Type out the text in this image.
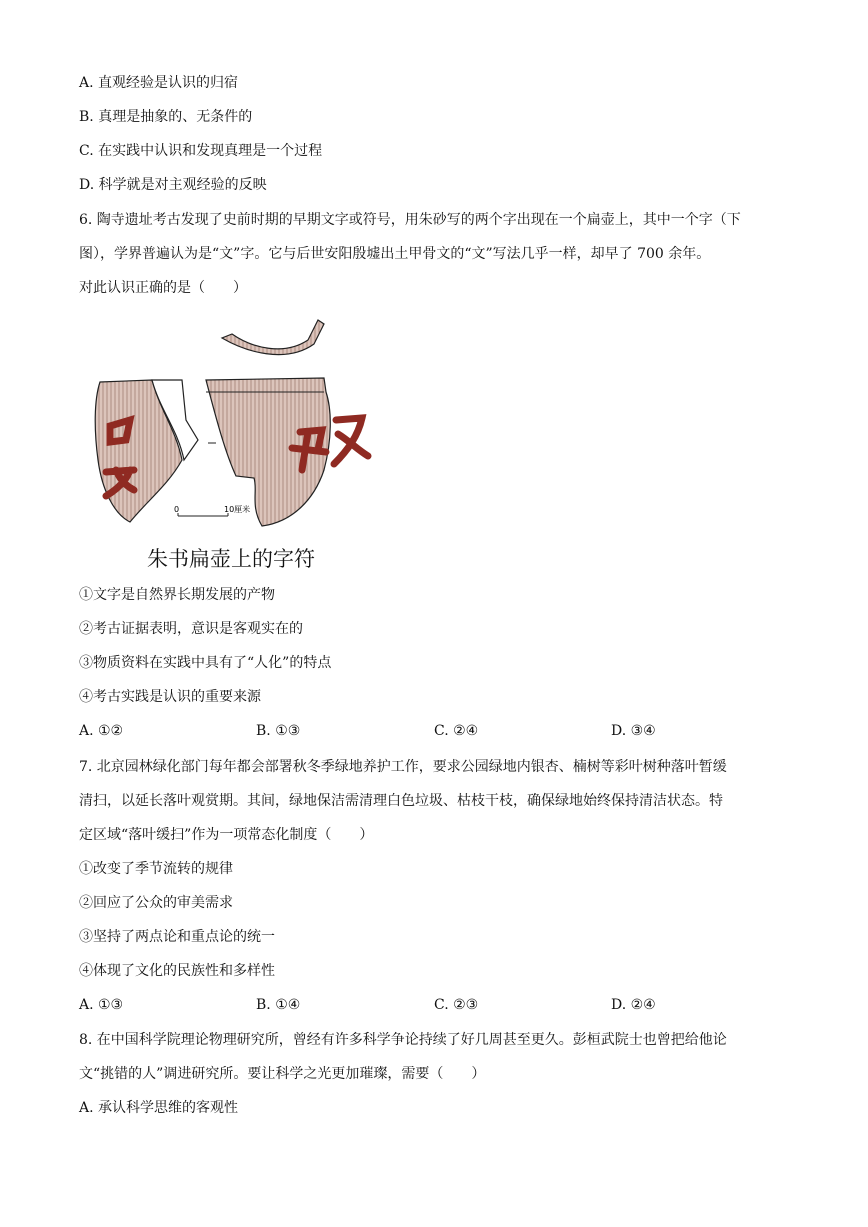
A. 直观经验是认识的归宿
B. 真理是抽象的、无条件的
C. 在实践中认识和发现真理是一个过程
D. 科学就是对主观经验的反映
6. 陶寺遗址考古发现了史前时期的早期文字或符号，用朱砂写的两个字出现在一个扁壶上，其中一个字（下
图），学界普遍认为是“文”字。它与后世安阳殷墟出土甲骨文的“文”写法几乎一样，却早了 700 余年。
对此认识正确的是（　　）
0	10厘米
朱书扁壶上的字符
①文字是自然界长期发展的产物
②考古证据表明，意识是客观实在的
③物质资料在实践中具有了“人化”的特点
④考古实践是认识的重要来源
A. ①②	B. ①③	C. ②④	D. ③④
7. 北京园林绿化部门每年都会部署秋冬季绿地养护工作，要求公园绿地内银杏、楠树等彩叶树种落叶暂缓
清扫，以延长落叶观赏期。其间，绿地保洁需清理白色垃圾、枯枝干枝，确保绿地始终保持清洁状态。特
定区域“落叶缓扫”作为一项常态化制度（　　）
①改变了季节流转的规律
②回应了公众的审美需求
③坚持了两点论和重点论的统一
④体现了文化的民族性和多样性
A. ①③	B. ①④	C. ②③	D. ②④
8. 在中国科学院理论物理研究所，曾经有许多科学争论持续了好几周甚至更久。彭桓武院士也曾把给他论
文“挑错的人”调进研究所。要让科学之光更加璀璨，需要（　　）
A. 承认科学思维的客观性
